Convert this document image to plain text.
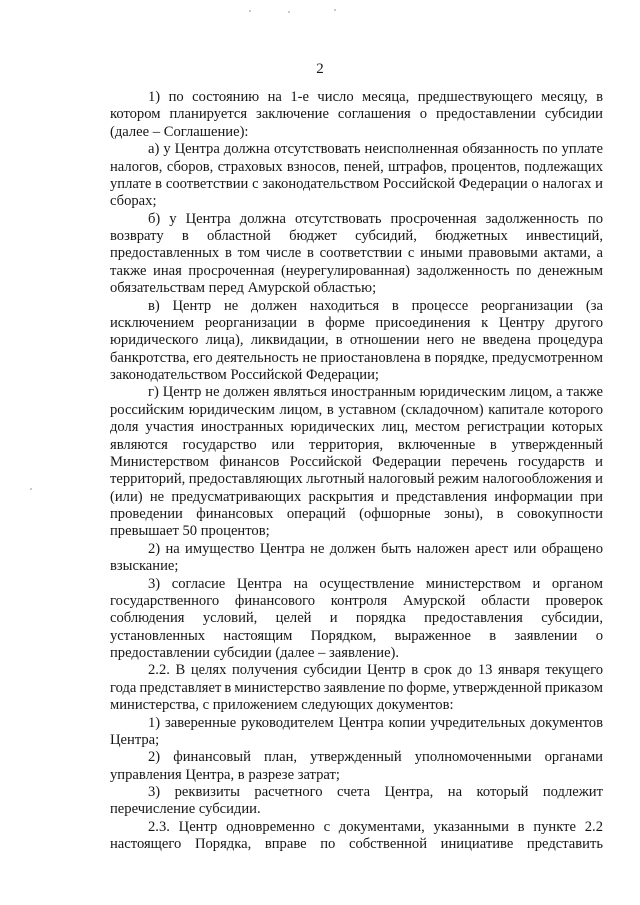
2
1) по состоянию на 1-е число месяца, предшествующего месяцу, в
котором планируется заключение соглашения о предоставлении субсидии
(далее – Соглашение):
а) у Центра должна отсутствовать неисполненная обязанность по уплате
налогов, сборов, страховых взносов, пеней, штрафов, процентов, подлежащих
уплате в соответствии с законодательством Российской Федерации о налогах и
сборах;
б) у Центра должна отсутствовать просроченная задолженность по
возврату в областной бюджет субсидий, бюджетных инвестиций,
предоставленных в том числе в соответствии с иными правовыми актами, а
также иная просроченная (неурегулированная) задолженность по денежным
обязательствам перед Амурской областью;
в) Центр не должен находиться в процессе реорганизации (за
исключением реорганизации в форме присоединения к Центру другого
юридического лица), ликвидации, в отношении него не введена процедура
банкротства, его деятельность не приостановлена в порядке, предусмотренном
законодательством Российской Федерации;
г) Центр не должен являться иностранным юридическим лицом, а также
российским юридическим лицом, в уставном (складочном) капитале которого
доля участия иностранных юридических лиц, местом регистрации которых
являются государство или территория, включенные в утвержденный
Министерством финансов Российской Федерации перечень государств и
территорий, предоставляющих льготный налоговый режим налогообложения и
(или) не предусматривающих раскрытия и представления информации при
проведении финансовых операций (офшорные зоны), в совокупности
превышает 50 процентов;
2) на имущество Центра не должен быть наложен арест или обращено
взыскание;
3) согласие Центра на осуществление министерством и органом
государственного финансового контроля Амурской области проверок
соблюдения условий, целей и порядка предоставления субсидии,
установленных настоящим Порядком, выраженное в заявлении о
предоставлении субсидии (далее – заявление).
2.2. В целях получения субсидии Центр в срок до 13 января текущего
года представляет в министерство заявление по форме, утвержденной приказом
министерства, с приложением следующих документов:
1) заверенные руководителем Центра копии учредительных документов
Центра;
2) финансовый план, утвержденный уполномоченными органами
управления Центра, в разрезе затрат;
3) реквизиты расчетного счета Центра, на который подлежит
перечисление субсидии.
2.3. Центр одновременно с документами, указанными в пункте 2.2
настоящего Порядка, вправе по собственной инициативе представить
